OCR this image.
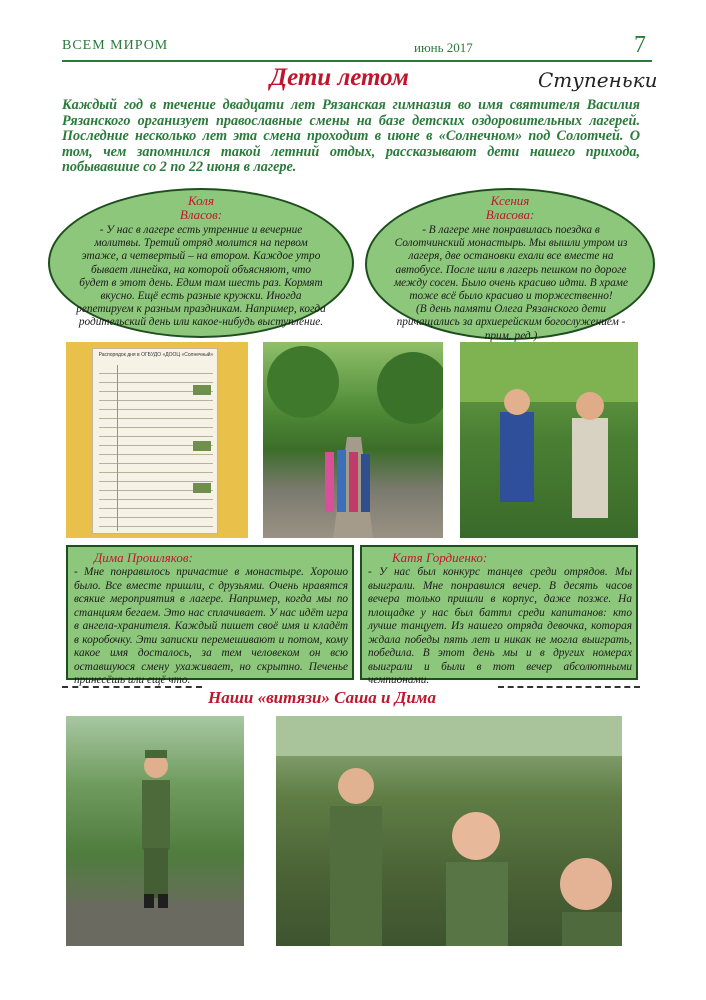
ВСЕМ МИРОМ	июнь 2017	7
Дети летом	Ступеньки
Каждый год в течение двадцати лет Рязанская гимназия во имя святителя Василия Рязанского организует православные смены на базе детских оздоровительных лагерей. Последние несколько лет эта смена проходит в июне в «Солнечном» под Солотчей. О том, чем запомнился такой летний отдых, рассказывают дети нашего прихода, побывавшие со 2 по 22 июня в лагере.
Коля
Власов:
- У нас в лагере есть утренние и вечерние молитвы. Третий отряд молится на первом этаже, а четвертый – на втором. Каждое утро бывает линейка, на которой объясняют, что будет в этот день. Едим там шесть раз. Кормят вкусно. Ещё есть разные кружки. Иногда репетируем к разным праздникам. Например, когда родительский день или какое-нибудь выступление.
Ксения
Власова:
- В лагере мне понравилась поездка в Солотчинский монастырь. Мы вышли утром из лагеря, две остановки ехали все вместе на автобусе. После шли в лагерь пешком по дороге между сосен. Было очень красиво идти. В храме тоже всё было красиво и торжественно!
(В день памяти Олега Рязанского дети причащались за архиерейским богослужением - прим. ред.)
Распорядок дня в ОГБУДО «ДООЦ «Солнечный»
Дима Прошляков:
- Мне понравилось причастие в монастыре. Хорошо было. Все вместе пришли, с друзьями. Очень нравятся всякие мероприятия в лагере. Например, когда мы по станциям бегаем. Это нас сплачивает. У нас идёт игра в ангела-хранителя. Каждый пишет своё имя и кладёт в коробочку. Эти записки перемешивают и потом, кому какое имя досталось, за тем человеком он всю оставшуюся смену ухаживает, но скрытно. Печенье принесёшь или ещё что.
Катя Гордиенко:
- У нас был конкурс танцев среди отрядов. Мы выиграли. Мне понравился вечер. В десять часов вечера только пришли в корпус, даже позже. На площадке у нас был баттл среди капитанов: кто лучше танцует. Из нашего отряда девочка, которая ждала победы пять лет и никак не могла выиграть, победила. В этот день мы и в других номерах выиграли и были в тот вечер абсолютными чемпионами.
Наши «витязи» Саша и Дима
